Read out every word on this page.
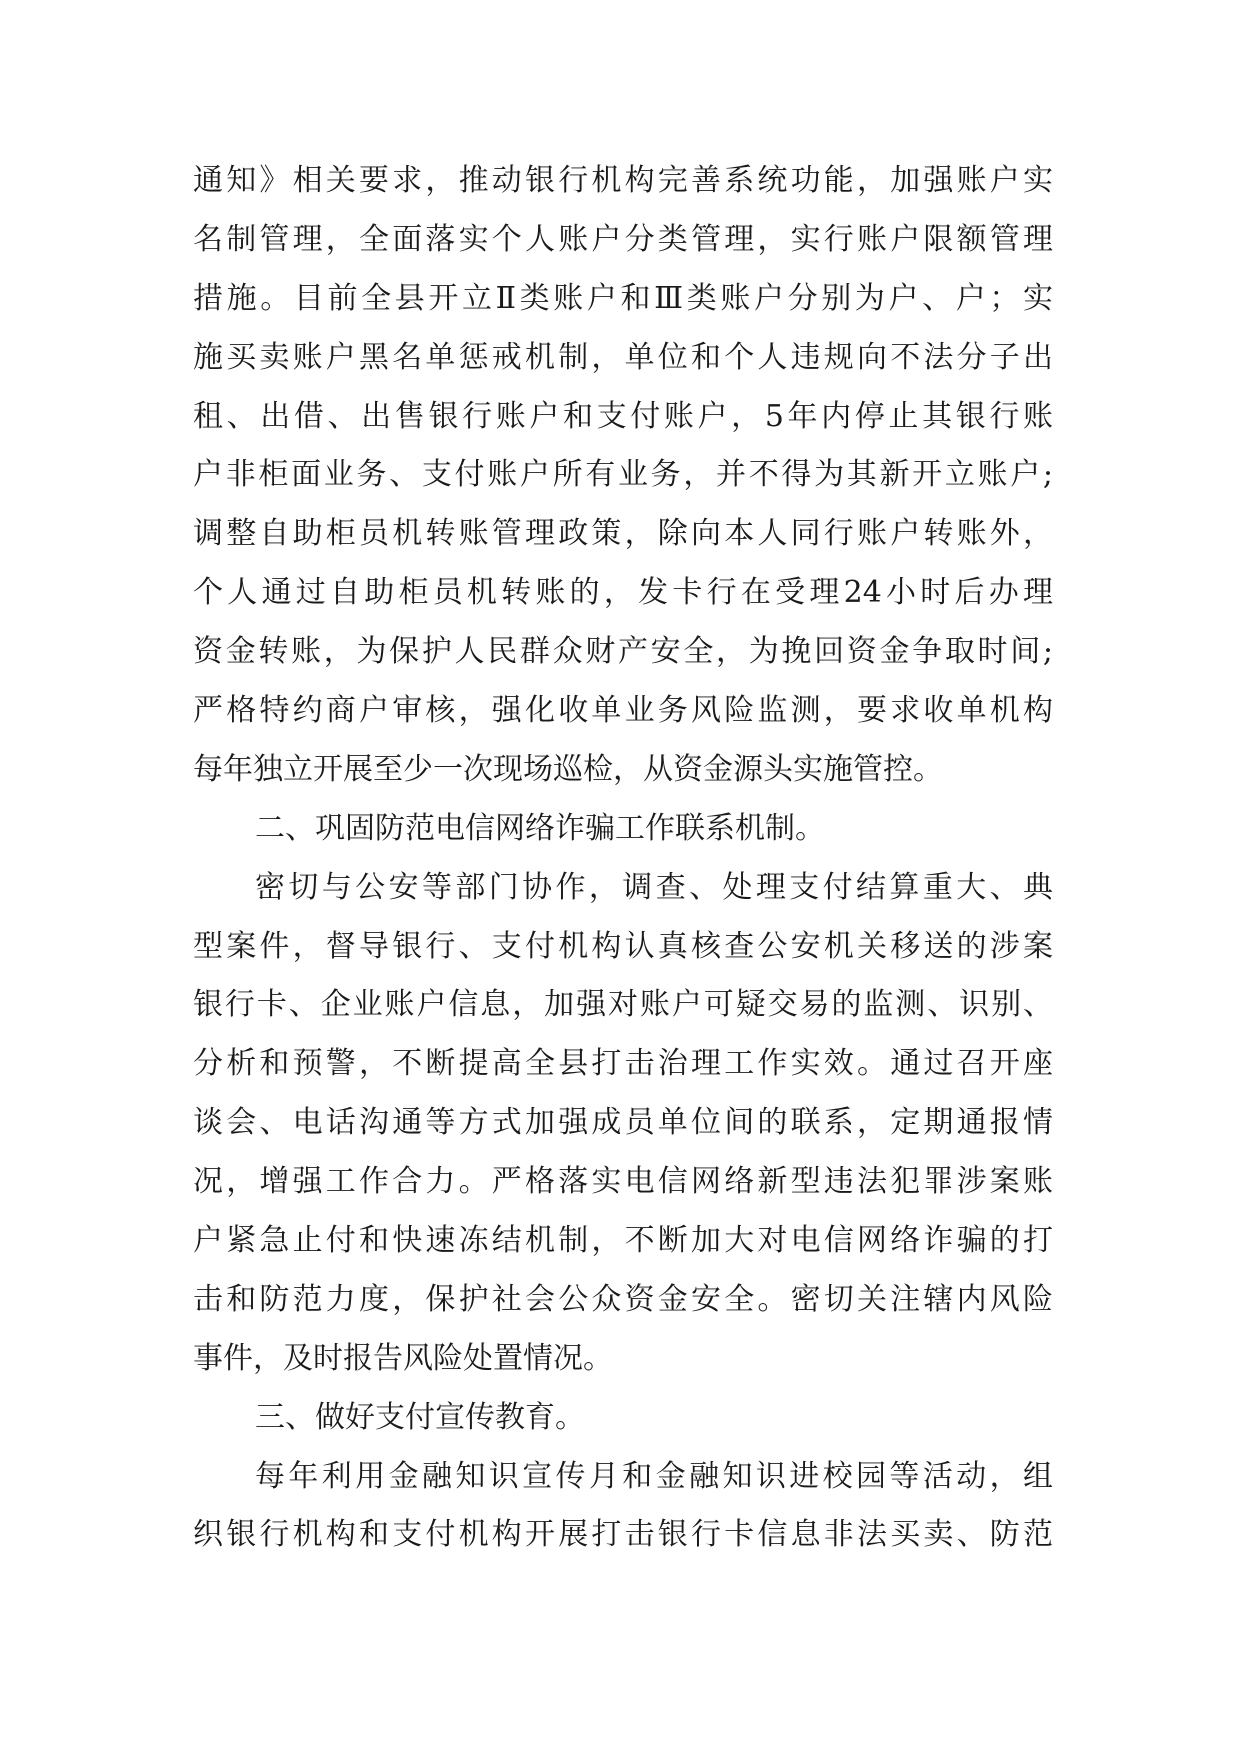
通知》相关要求，推动银行机构完善系统功能，加强账户实
名制管理，全面落实个人账户分类管理，实行账户限额管理
措施。目前全县开立Ⅱ类账户和Ⅲ类账户分别为户、户；实
施买卖账户黑名单惩戒机制，单位和个人违规向不法分子出
租、出借、出售银行账户和支付账户，5年内停止其银行账
户非柜面业务、支付账户所有业务，并不得为其新开立账户;
调整自助柜员机转账管理政策，除向本人同行账户转账外，
个人通过自助柜员机转账的，发卡行在受理24小时后办理
资金转账，为保护人民群众财产安全，为挽回资金争取时间;
严格特约商户审核，强化收单业务风险监测，要求收单机构
每年独立开展至少一次现场巡检，从资金源头实施管控。
二、巩固防范电信网络诈骗工作联系机制。
密切与公安等部门协作，调查、处理支付结算重大、典
型案件，督导银行、支付机构认真核查公安机关移送的涉案
银行卡、企业账户信息，加强对账户可疑交易的监测、识别、
分析和预警，不断提高全县打击治理工作实效。通过召开座
谈会、电话沟通等方式加强成员单位间的联系，定期通报情
况，增强工作合力。严格落实电信网络新型违法犯罪涉案账
户紧急止付和快速冻结机制，不断加大对电信网络诈骗的打
击和防范力度，保护社会公众资金安全。密切关注辖内风险
事件，及时报告风险处置情况。
三、做好支付宣传教育。
每年利用金融知识宣传月和金融知识进校园等活动，组
织银行机构和支付机构开展打击银行卡信息非法买卖、防范
